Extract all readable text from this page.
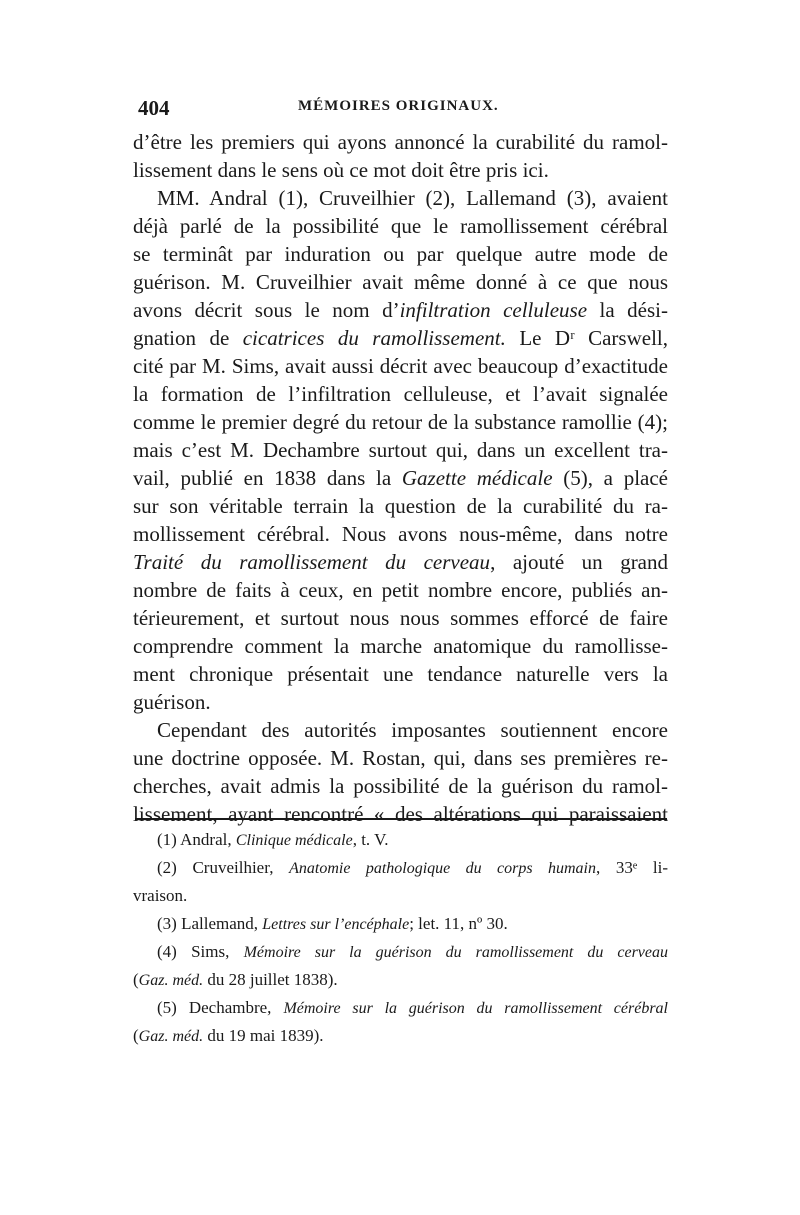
404	MÉMOIRES ORIGINAUX.
d’être les premiers qui ayons annoncé la curabilité du ramol-
lissement dans le sens où ce mot doit être pris ici.
MM. Andral (1), Cruveilhier (2), Lallemand (3), avaient
déjà parlé de la possibilité que le ramollissement cérébral
se terminât par induration ou par quelque autre mode de
guérison. M. Cruveilhier avait même donné à ce que nous
avons décrit sous le nom d’infiltration celluleuse la dési-
gnation de cicatrices du ramollissement. Le Dʳ Carswell,
cité par M. Sims, avait aussi décrit avec beaucoup d’exactitude
la formation de l’infiltration celluleuse, et l’avait signalée
comme le premier degré du retour de la substance ramollie (4);
mais c’est M. Dechambre surtout qui, dans un excellent tra-
vail, publié en 1838 dans la Gazette médicale (5), a placé
sur son véritable terrain la question de la curabilité du ra-
mollissement cérébral. Nous avons nous-même, dans notre
Traité du ramollissement du cerveau, ajouté un grand
nombre de faits à ceux, en petit nombre encore, publiés an-
térieurement, et surtout nous nous sommes efforcé de faire
comprendre comment la marche anatomique du ramollisse-
ment chronique présentait une tendance naturelle vers la
guérison.
Cependant des autorités imposantes soutiennent encore
une doctrine opposée. M. Rostan, qui, dans ses premières re-
cherches, avait admis la possibilité de la guérison du ramol-
lissement, ayant rencontré « des altérations qui paraissaient
(1) Andral, Clinique médicale, t. V.
(2) Cruveilhier, Anatomie pathologique du corps humain, 33ᵉ li-
vraison.
(3) Lallemand, Lettres sur l’encéphale; let. 11, nº 30.
(4) Sims, Mémoire sur la guérison du ramollissement du cerveau
(Gaz. méd. du 28 juillet 1838).
(5) Dechambre, Mémoire sur la guérison du ramollissement cérébral
(Gaz. méd. du 19 mai 1839).
